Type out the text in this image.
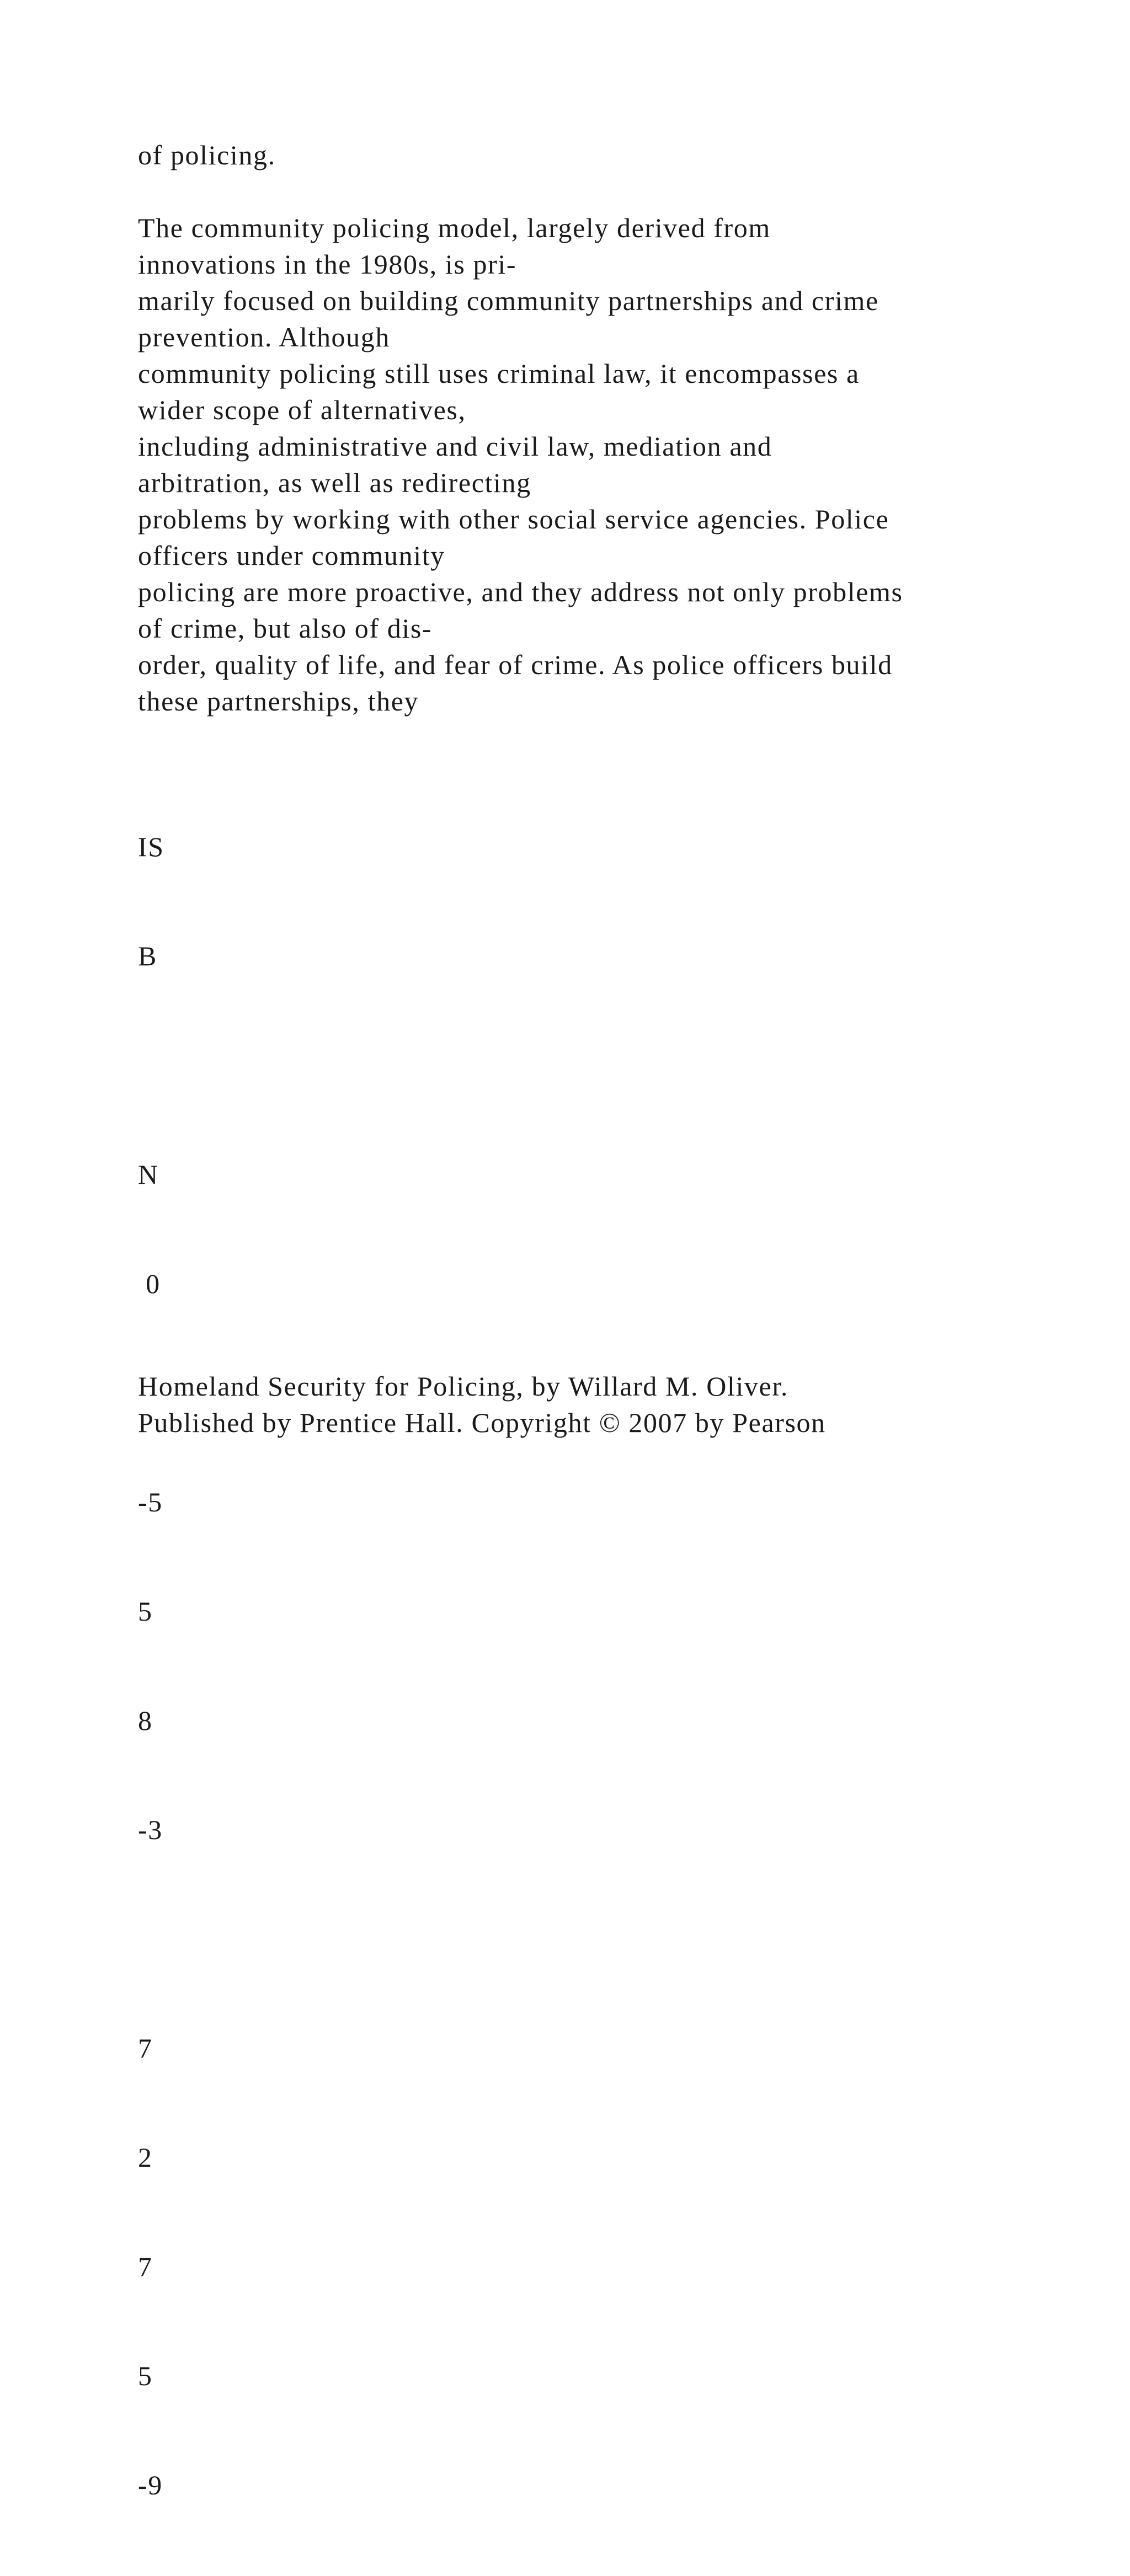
of policing.
The community policing model, largely derived from
innovations in the 1980s, is pri-
marily focused on building community partnerships and crime
prevention. Although
community policing still uses criminal law, it encompasses a
wider scope of alternatives,
including administrative and civil law, mediation and
arbitration, as well as redirecting
problems by working with other social service agencies. Police
officers under community
policing are more proactive, and they address not only problems
of crime, but also of dis-
order, quality of life, and fear of crime. As police officers build
these partnerships, they

IS

B

N

0

-5

5

8

-3

7

2

7

5

-9

Homeland Security for Policing, by Willard M. Oliver.
Published by Prentice Hall. Copyright © 2007 by Pearson
